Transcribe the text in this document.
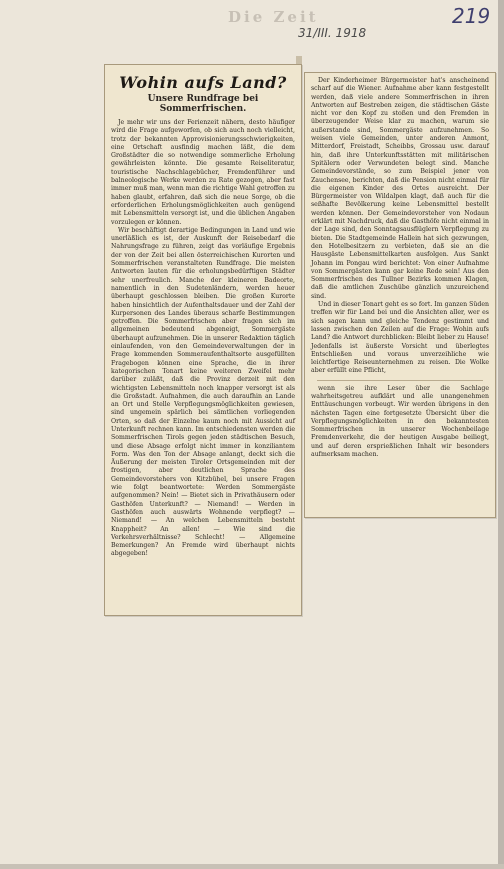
Die Zeit	219
31/III. 1918
Wohin aufs Land?
Unsere Rundfrage bei Sommerfrischen.

Je mehr wir uns der Ferienzeit nähern, desto häufiger wird die Frage aufgeworfen, ob sich auch noch vielleicht, trotz der bekannten Approvisionierungsschwierigkeiten, eine Ortschaft ausfindig machen läßt, die dem Großstädter die so notwendige sommerliche Erholung gewährleisten könnte. Die gesamte Reiseliteratur, touristische Nachschlagebücher, Fremdenführer und balneologische Werke werden zu Rate gezogen, aber fast immer muß man, wenn man die richtige Wahl getroffen zu haben glaubt, erfahren, daß sich die neue Sorge, ob die erforderlichen Erholungsmöglichkeiten auch genügend mit Lebensmitteln versorgt ist, und die üblichen Angaben vorzulegen er können.

Wir beschäftigt derartige Bedingungen in Land und wie unerläßlich es ist, der Auskunft der Reisebedarf die Nahrungsfrage zu führen, zeigt das vorläufige Ergebnis der von der Zeit bei allen österreichischen Kurorten und Sommerfrischen veranstalteten Rundfrage. Die meisten Antworten lauten für die erholungsbedürftigen Städter sehr unerfreulich. Manche der kleineren Badeorte, namentlich in den Sudetenländern, werden heuer überhaupt geschlossen bleiben. Die großen Kurorte haben hinsichtlich der Aufenthaltsdauer und der Zahl der Kurpersonen des Landes überaus scharfe Bestimmungen getroffen. Die Sommerfrischen aber fragen sich im allgemeinen bedeutend abgeneigt, Sommergäste überhaupt aufzunehmen. Die in unserer Redaktion täglich einlaufenden, von den Gemeindeverwaltungen der in Frage kommenden Sommeraufenthaltsorte ausgefüllten Fragebogen können eine Sprache, die in ihrer kategorischen Tonart keine weiteren Zweifel mehr darüber zuläßt, daß die Provinz derzeit mit den wichtigsten Lebensmitteln noch knapper versorgt ist als die Großstadt. Aufnahmen, die auch daraufhin an Lande an Ort und Stelle Verpflegungsmöglichkeiten gewiesen, sind ungemein spärlich bei sämtlichen vorliegenden Orten, so daß der Einzelne kaum noch mit Aussicht auf Unterkunft rechnen kann. Im entschiedensten werden die Sommerfrischen Tirols gegen jeden städtischen Besuch, und diese Absage erfolgt nicht immer in konziliantem Form. Was den Ton der Absage anlangt, deckt sich die Äußerung der meisten Tiroler Ortsgemeinden mit der frostigen, aber deutlichen Sprache des Gemeindevorstehers von Kitzbühel, bei unsere Fragen wie folgt beantwortete: Werden Sommergäste aufgenommen? Nein! — Bietet sich in Privathäusern oder Gasthöfen Unterkunft? — Niemand! — Werden in Gasthöfen auch auswärts Wohnende verpflegt? — Niemand! — An welchen Lebensmitteln besteht Knappheit? An allen! — Wie sind die Verkehrsverhältnisse? Schlecht! — Allgemeine Bemerkungen? An Fremde wird überhaupt nichts abgegeben!

Der Kinderheimer Bürgermeister hat's anscheinend scharf auf die Wiener. Aufnahme aber kann festgestellt werden, daß viele andere Sommerfrischen in ihren Antworten auf Bestreben zeigen, die städtischen Gäste nicht vor den Kopf zu stoßen und den Fremden in überzeugender Weise klar zu machen, warum sie außerstande sind, Sommergäste aufzunehmen. So weisen viele Gemeinden, unter anderen Anmont, Mitterdorf, Freistadt, Scheibbs, Grossau usw. darauf hin, daß ihre Unterkunftsstätten mit militärischen Spitälern oder Verwundeten belegt sind. Manche Gemeindevorstände, so zum Beispiel jener von Zauchensee, berichten, daß die Pension nicht einmal für die eigenen Kinder des Ortes ausreicht. Der Bürgermeister von Wildalpen klagt, daß auch für die seßhafte Bevölkerung keine Lebensmittel bestellt werden können. Der Gemeindevorsteher von Nodaun erklärt mit Nachdruck, daß die Gasthöfe nicht einmal in der Lage sind, den Sonntagsausflüglern Verpflegung zu bieten. Die Stadtgemeinde Hallein hat sich gezwungen, den Hotelbesitzern zu verbieten, daß sie an die Hausgäste Lebensmittelkarten ausfolgen. Aus Sankt Johann im Pongau wird berichtet: Von einer Aufnahme von Sommergästen kann gar keine Rede sein! Aus den Sommerfrischen des Tullner Bezirks kommen Klagen, daß die amtlichen Zuschübe gänzlich unzureichend sind.

Und in dieser Tonart geht es so fort. Im ganzen Süden treffen wir für Land bei und die Ansichten aller, wer es sich sagen kann und gleiche Tendenz gestimmt und lassen zwischen den Zeilen auf die Frage: Wohin aufs Land? die Antwort durchblicken: Bleibt lieber zu Hause! Jedenfalls ist äußerste Vorsicht und überlegtes Entschließen und voraus unverzeihliche wie leichtfertige Reiseunternehmen zu reisen. Die Wolke aber erfüllt eine Pflicht,

wenn sie ihre Leser über die Sachlage wahrheitsgetreu aufklärt und alle unangenehmen Enttäuschungen vorbeugt. Wir werden übrigens in den nächsten Tagen eine fortgesetzte Übersicht über die Verpflegungsmöglichkeiten in den bekanntesten Sommerfrischen in unserer Wochenbeilage Fremdenverkehr, die der heutigen Ausgabe beiliegt, und auf deren ersprießlichen Inhalt wir besonders aufmerksam machen.
